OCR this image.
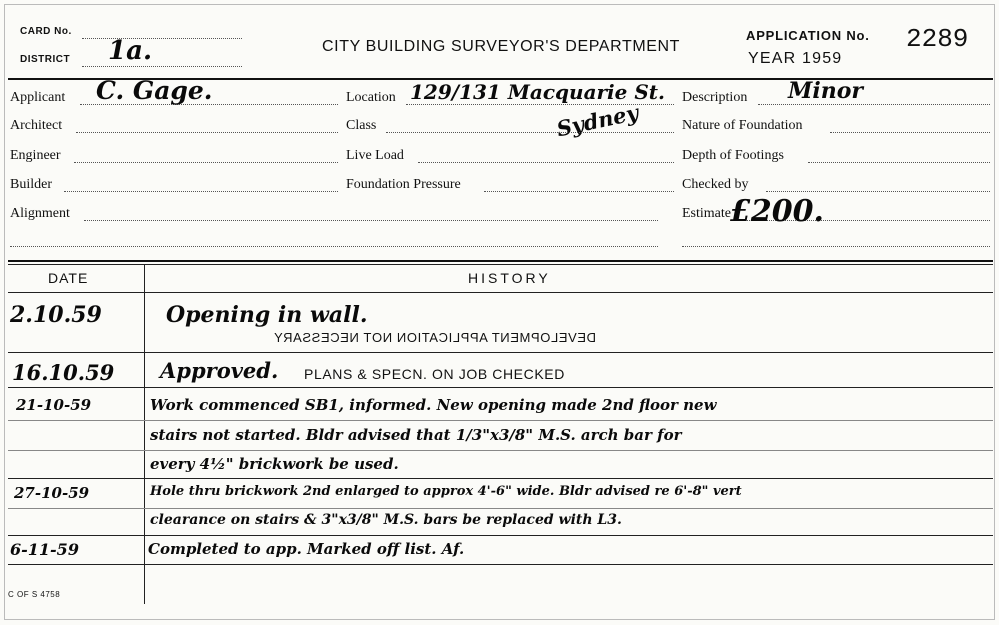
CARD No.
DISTRICT 1a.	CITY BUILDING SURVEYOR'S DEPARTMENT
APPLICATION No. 2289
YEAR 1959
Applicant C. Gage.
Architect
Engineer
Builder
Alignment
Location 129/131 Macquarie St.
Sydney
Class
Live Load
Foundation Pressure
Description Minor
Nature of Foundation
Depth of Footings
Checked by
Estimate £200.
DATE	HISTORY
2.10.59	Opening in wall.
DEVELOPMENT APPLICATION NOT NECESSARY
16.10.59 Approved. PLANS & SPECN. ON JOB CHECKED
21-10-59	Work commenced SB1, informed. New opening made 2nd floor new
stairs not started. Bldr advised that 1/3"x3/8" M.S. arch bar for
every 4½" brickwork be used.
27-10-59	Hole thru brickwork 2nd enlarged to approx 4'-6" wide. Bldr advised re 6'-8" vert
clearance on stairs & 3"x3/8" M.S. bars be replaced with L3.
6-11-59	Completed to app. Marked off list. Af.
C OF S 4758
